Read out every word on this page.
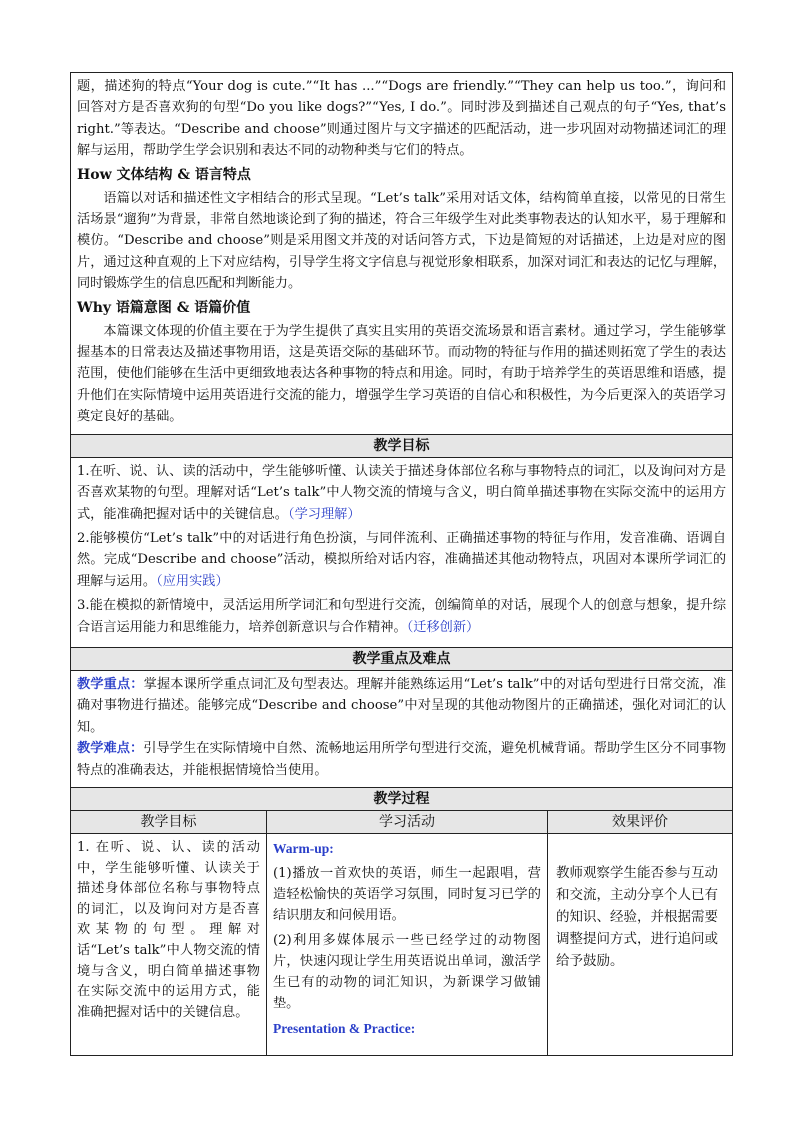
题，描述狗的特点“Your dog is cute.”“It has ...”“Dogs are friendly.”“They can help us too.”，询问和回答对方是否喜欢狗的句型“Do you like dogs?”“Yes, I do.”。同时涉及到描述自己观点的句子“Yes, that’s right.”等表达。“Describe and choose”则通过图片与文字描述的匹配活动，进一步巩固对动物描述词汇的理解与运用，帮助学生学会识别和表达不同的动物种类与它们的特点。

How 文体结构 & 语言特点

语篇以对话和描述性文字相结合的形式呈现。“Let’s talk”采用对话文体，结构简单直接，以常见的日常生活场景“遛狗”为背景，非常自然地谈论到了狗的描述，符合三年级学生对此类事物表达的认知水平，易于理解和模仿。“Describe and choose”则是采用图文并茂的对话问答方式，下边是简短的对话描述，上边是对应的图片，通过这种直观的上下对应结构，引导学生将文字信息与视觉形象相联系，加深对词汇和表达的记忆与理解，同时锻炼学生的信息匹配和判断能力。

Why 语篇意图 & 语篇价值

本篇课文体现的价值主要在于为学生提供了真实且实用的英语交流场景和语言素材。通过学习，学生能够掌握基本的日常表达及描述事物用语，这是英语交际的基础环节。而动物的特征与作用的描述则拓宽了学生的表达范围，使他们能够在生活中更细致地表达各种事物的特点和用途。同时，有助于培养学生的英语思维和语感，提升他们在实际情境中运用英语进行交流的能力，增强学生学习英语的自信心和积极性，为今后更深入的英语学习奠定良好的基础。		

教学目标		

1.在听、说、认、读的活动中，学生能够听懂、认读关于描述身体部位名称与事物特点的词汇，以及询问对方是否喜欢某物的句型。理解对话“Let’s talk”中人物交流的情境与含义，明白简单描述事物在实际交流中的运用方式，能准确把握对话中的关键信息。（学习理解）

2.能够模仿“Let’s talk”中的对话进行角色扮演，与同伴流利、正确描述事物的特征与作用，发音准确、语调自然。完成“Describe and choose”活动，模拟所给对话内容，准确描述其他动物特点，巩固对本课所学词汇的理解与运用。（应用实践）

3.能在模拟的新情境中，灵活运用所学词汇和句型进行交流，创编简单的对话，展现个人的创意与想象，提升综合语言运用能力和思维能力，培养创新意识与合作精神。（迁移创新）		

教学重点及难点		

教学重点：掌握本课所学重点词汇及句型表达。理解并能熟练运用“Let’s talk”中的对话句型进行日常交流，准确对事物进行描述。能够完成“Describe and choose”中对呈现的其他动物图片的正确描述，强化对词汇的认知。

教学难点：引导学生在实际情境中自然、流畅地运用所学句型进行交流，避免机械背诵。帮助学生区分不同事物特点的准确表达，并能根据情境恰当使用。		

教学过程		
教学目标	学习活动	效果评价
1. 在听、说、认、读的活动中，学生能够听懂、认读关于描述身体部位名称与事物特点的词汇，以及询问对方是否喜欢某物的句型。理解对话“Let’s talk”中人物交流的情境与含义，明白简单描述事物在实际交流中的运用方式，能准确把握对话中的关键信息。	Warm-up:

(1)播放一首欢快的英语，师生一起跟唱，营造轻松愉快的英语学习氛围，同时复习已学的结识朋友和问候用语。

(2)利用多媒体展示一些已经学过的动物图片，快速闪现让学生用英语说出单词，激活学生已有的动物的词汇知识，为新课学习做铺垫。

Presentation & Practice:	教师观察学生能否参与互动和交流，主动分享个人已有的知识、经验，并根据需要调整提问方式，进行追问或给予鼓励。
